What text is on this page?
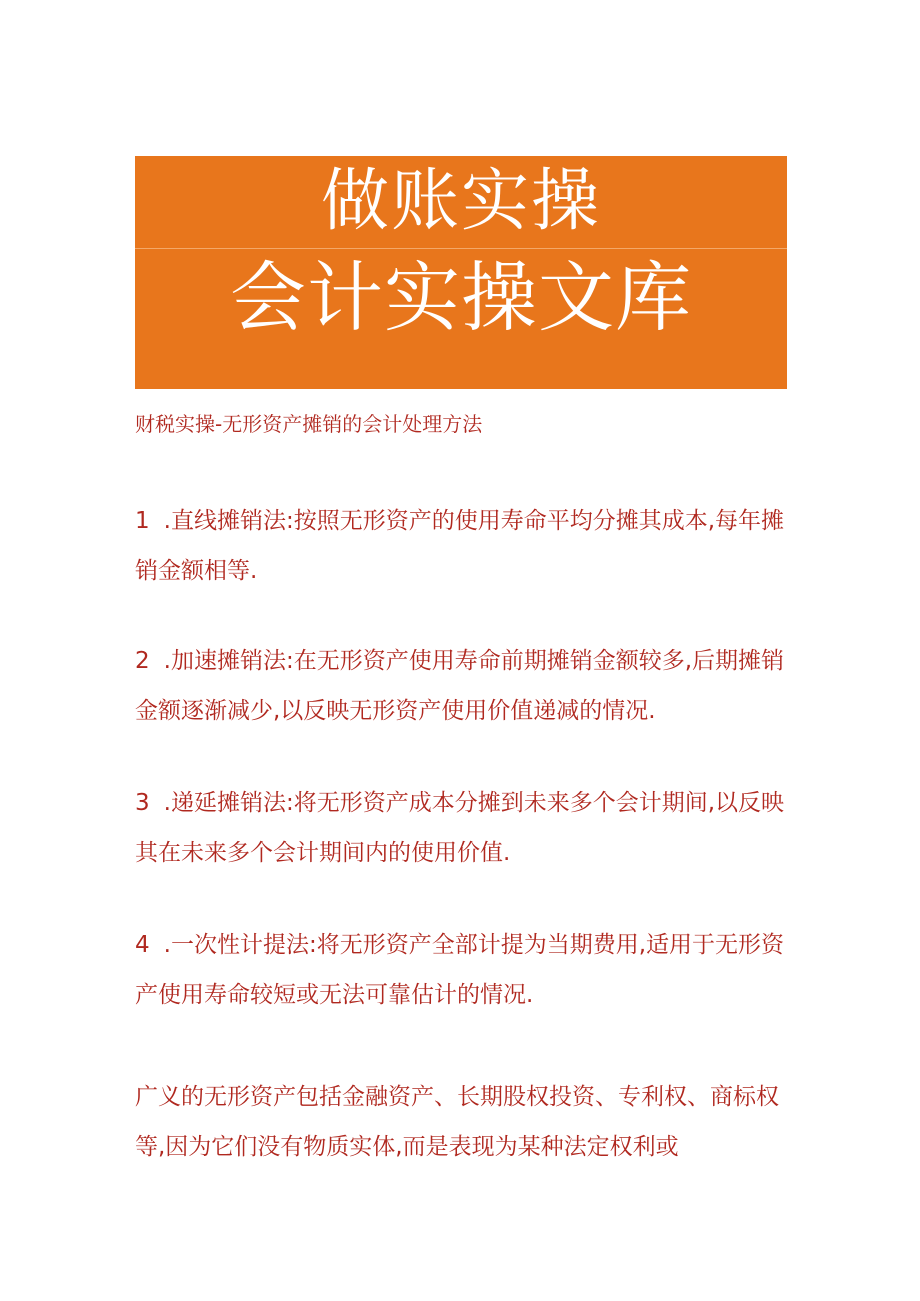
做账实操
会计实操文库
财税实操-无形资产摊销的会计处理方法
1 .直线摊销法:按照无形资产的使用寿命平均分摊其成本,每年摊销金额相等.
2 .加速摊销法:在无形资产使用寿命前期摊销金额较多,后期摊销金额逐渐减少,以反映无形资产使用价值递减的情况.
3 .递延摊销法:将无形资产成本分摊到未来多个会计期间,以反映其在未来多个会计期间内的使用价值.
4 .一次性计提法:将无形资产全部计提为当期费用,适用于无形资产使用寿命较短或无法可靠估计的情况.
广义的无形资产包括金融资产、长期股权投资、专利权、商标权等,因为它们没有物质实体,而是表现为某种法定权利或
